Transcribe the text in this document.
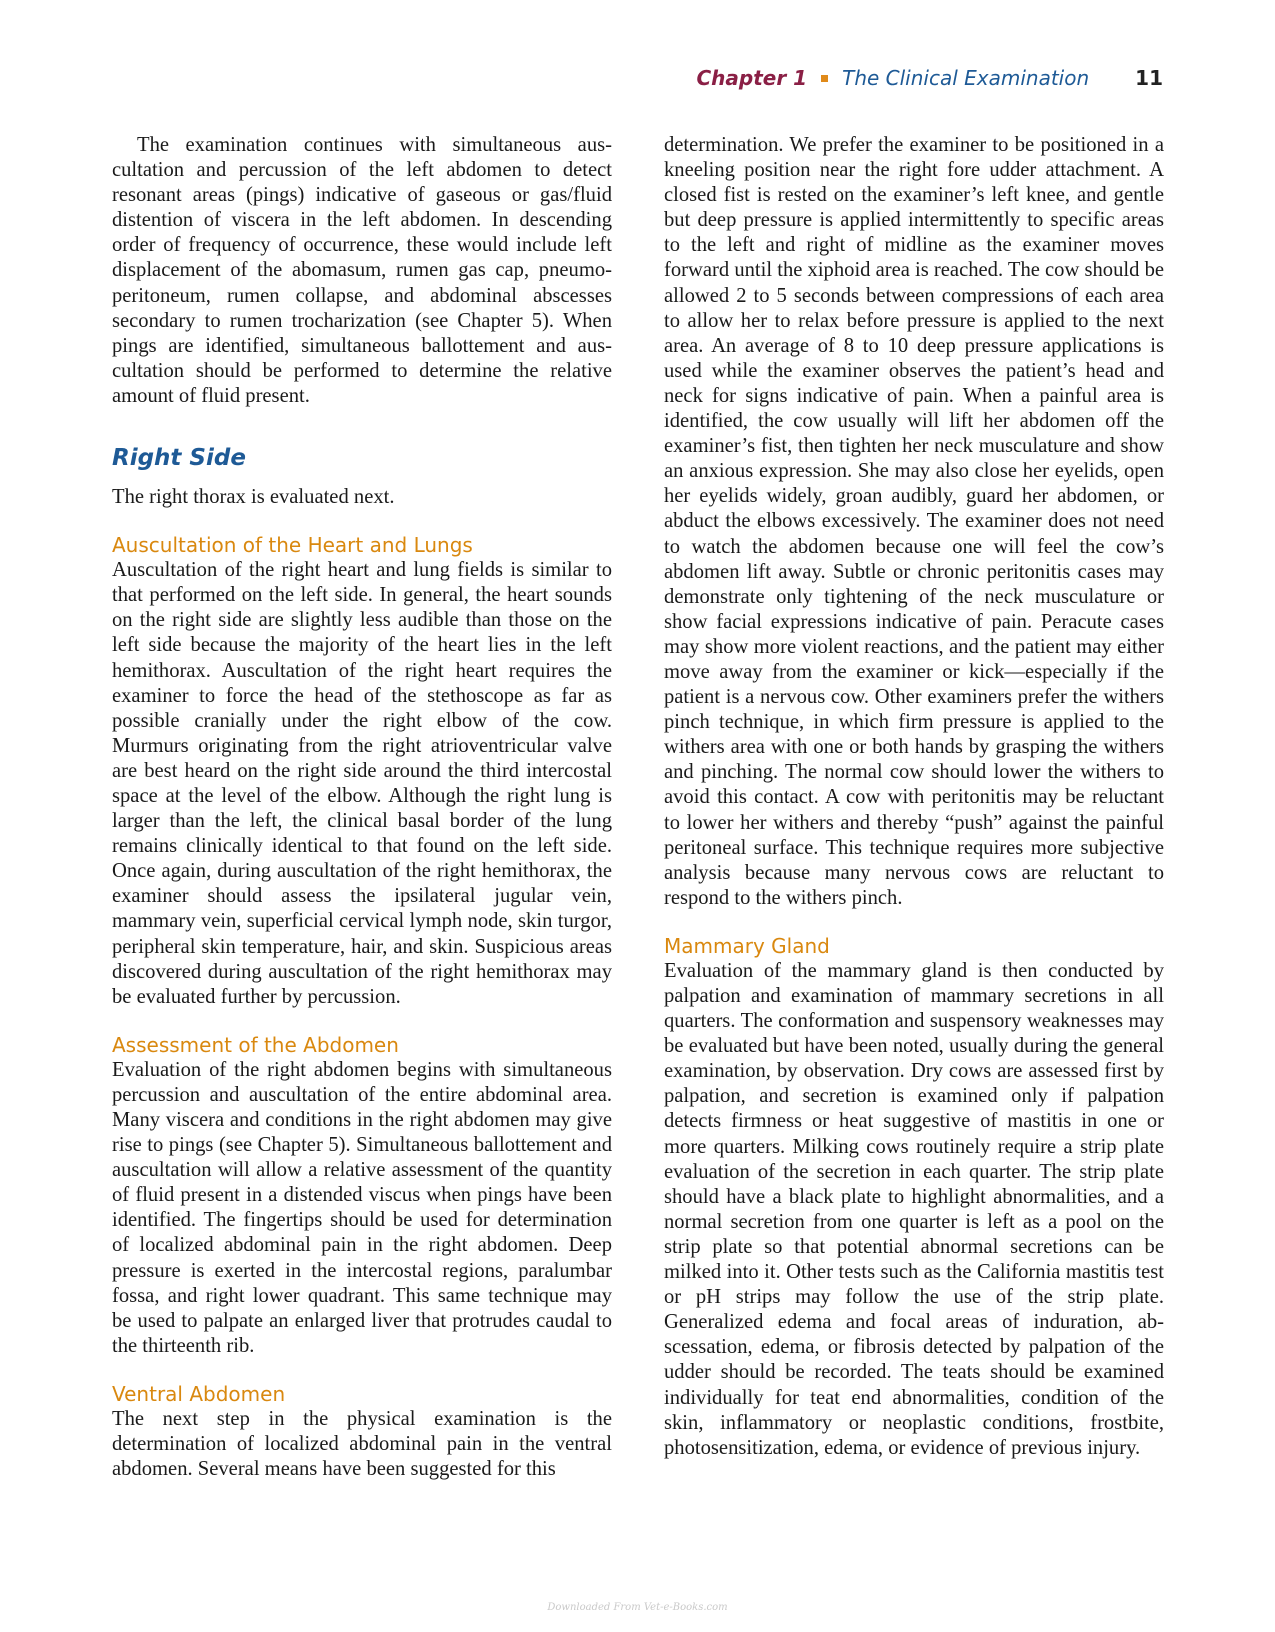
Chapter 1 The Clinical Examination 11

The examination continues with simultaneous auscultation and percussion of the left abdomen to detect resonant areas (pings) indicative of gaseous or gas/fluid distention of viscera in the left abdomen. In descending order of frequency of occurrence, these would include left displacement of the abomasum, rumen gas cap, pneumoperitoneum, rumen collapse, and abdominal abscesses secondary to rumen trocharization (see Chapter 5). When pings are identified, simultaneous ballottement and auscultation should be performed to determine the relative amount of fluid present.

Right Side

The right thorax is evaluated next.

Auscultation of the Heart and Lungs

Auscultation of the right heart and lung fields is similar to that performed on the left side. In general, the heart sounds on the right side are slightly less audible than those on the left side because the majority of the heart lies in the left hemithorax. Auscultation of the right heart requires the examiner to force the head of the stethoscope as far as possible cranially under the right elbow of the cow. Murmurs originating from the right atrioventricular valve are best heard on the right side around the third intercostal space at the level of the elbow. Although the right lung is larger than the left, the clinical basal border of the lung remains clinically identical to that found on the left side. Once again, during auscultation of the right hemithorax, the examiner should assess the ipsilateral jugular vein, mammary vein, superficial cervical lymph node, skin turgor, peripheral skin temperature, hair, and skin. Suspicious areas discovered during auscultation of the right hemithorax may be evaluated further by percussion.

Assessment of the Abdomen

Evaluation of the right abdomen begins with simultaneous percussion and auscultation of the entire abdominal area. Many viscera and conditions in the right abdomen may give rise to pings (see Chapter 5). Simultaneous ballottement and auscultation will allow a relative assessment of the quantity of fluid present in a distended viscus when pings have been identified. The fingertips should be used for determination of localized abdominal pain in the right abdomen. Deep pressure is exerted in the intercostal regions, paralumbar fossa, and right lower quadrant. This same technique may be used to palpate an enlarged liver that protrudes caudal to the thirteenth rib.

Ventral Abdomen

The next step in the physical examination is the determination of localized abdominal pain in the ventral abdomen. Several means have been suggested for this

determination. We prefer the examiner to be positioned in a kneeling position near the right fore udder attachment. A closed fist is rested on the examiner’s left knee, and gentle but deep pressure is applied intermittently to specific areas to the left and right of midline as the examiner moves forward until the xiphoid area is reached. The cow should be allowed 2 to 5 seconds between compressions of each area to allow her to relax before pressure is applied to the next area. An average of 8 to 10 deep pressure applications is used while the examiner observes the patient’s head and neck for signs indicative of pain. When a painful area is identified, the cow usually will lift her abdomen off the examiner’s fist, then tighten her neck musculature and show an anxious expression. She may also close her eyelids, open her eyelids widely, groan audibly, guard her abdomen, or abduct the elbows excessively. The examiner does not need to watch the abdomen because one will feel the cow’s abdomen lift away. Subtle or chronic peritonitis cases may demonstrate only tightening of the neck musculature or show facial expressions indicative of pain. Peracute cases may show more violent reactions, and the patient may either move away from the examiner or kick—especially if the patient is a nervous cow. Other examiners prefer the withers pinch technique, in which firm pressure is applied to the withers area with one or both hands by grasping the withers and pinching. The normal cow should lower the withers to avoid this contact. A cow with peritonitis may be reluctant to lower her withers and thereby “push” against the painful peritoneal surface. This technique requires more subjective analysis because many nervous cows are reluctant to respond to the withers pinch.

Mammary Gland

Evaluation of the mammary gland is then conducted by palpation and examination of mammary secretions in all quarters. The conformation and suspensory weaknesses may be evaluated but have been noted, usually during the general examination, by observation. Dry cows are assessed first by palpation, and secretion is examined only if palpation detects firmness or heat suggestive of mastitis in one or more quarters. Milking cows routinely require a strip plate evaluation of the secretion in each quarter. The strip plate should have a black plate to highlight abnormalities, and a normal secretion from one quarter is left as a pool on the strip plate so that potential abnormal secretions can be milked into it. Other tests such as the California mastitis test or pH strips may follow the use of the strip plate. Generalized edema and focal areas of induration, abscessation, edema, or fibrosis detected by palpation of the udder should be recorded. The teats should be examined individually for teat end abnormalities, condition of the skin, inflammatory or neoplastic conditions, frostbite, photosensitization, edema, or evidence of previous injury.

Downloaded From Vet-e-Books.com
